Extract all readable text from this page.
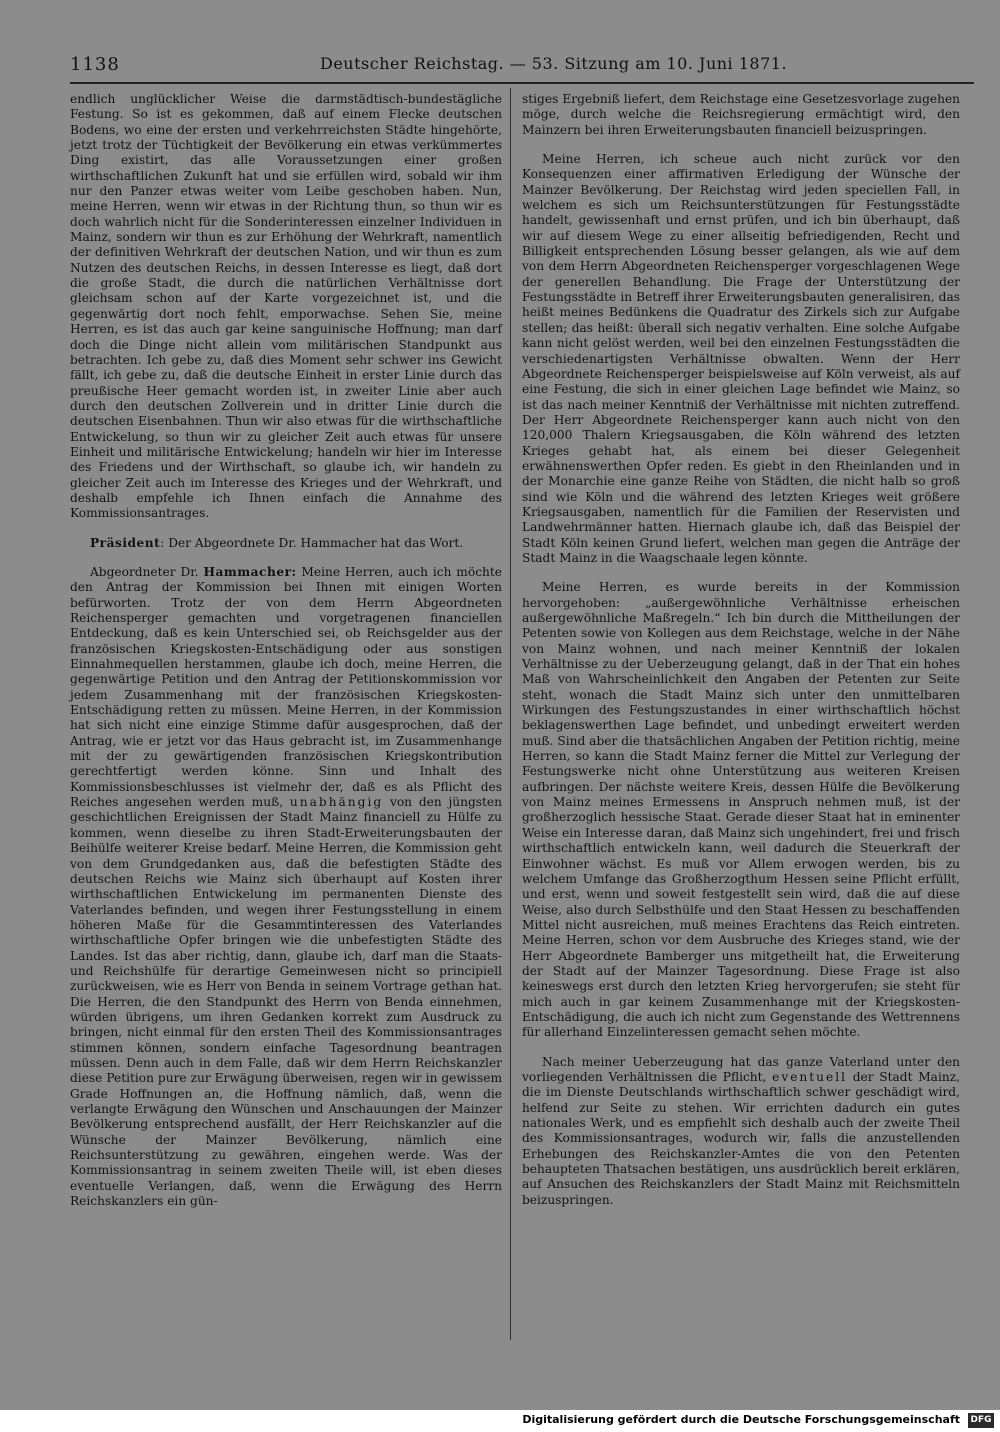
1138	Deutscher Reichstag. — 53. Sitzung am 10. Juni 1871.

endlich unglücklicher Weise die darmstädtisch-bundestägliche Festung. So ist es gekommen, daß auf einem Flecke deutschen Bodens, wo eine der ersten und verkehrreichsten Städte hingehörte, jetzt trotz der Tüchtigkeit der Bevölkerung ein etwas verkümmertes Ding existirt, das alle Voraussetzungen einer großen wirthschaftlichen Zukunft hat und sie erfüllen wird, sobald wir ihm nur den Panzer etwas weiter vom Leibe geschoben haben. Nun, meine Herren, wenn wir etwas in der Richtung thun, so thun wir es doch wahrlich nicht für die Sonderinteressen einzelner Individuen in Mainz, sondern wir thun es zur Erhöhung der Wehrkraft, namentlich der definitiven Wehrkraft der deutschen Nation, und wir thun es zum Nutzen des deutschen Reichs, in dessen Interesse es liegt, daß dort die große Stadt, die durch die natürlichen Verhältnisse dort gleichsam schon auf der Karte vorgezeichnet ist, und die gegenwärtig dort noch fehlt, emporwachse. Sehen Sie, meine Herren, es ist das auch gar keine sanguinische Hoffnung; man darf doch die Dinge nicht allein vom militärischen Standpunkt aus betrachten. Ich gebe zu, daß dies Moment sehr schwer ins Gewicht fällt, ich gebe zu, daß die deutsche Einheit in erster Linie durch das preußische Heer gemacht worden ist, in zweiter Linie aber auch durch den deutschen Zollverein und in dritter Linie durch die deutschen Eisenbahnen. Thun wir also etwas für die wirthschaftliche Entwickelung, so thun wir zu gleicher Zeit auch etwas für unsere Einheit und militärische Entwickelung; handeln wir hier im Interesse des Friedens und der Wirthschaft, so glaube ich, wir handeln zu gleicher Zeit auch im Interesse des Krieges und der Wehrkraft, und deshalb empfehle ich Ihnen einfach die Annahme des Kommissionsantrages.

Präsident: Der Abgeordnete Dr. Hammacher hat das Wort.

Abgeordneter Dr. Hammacher: Meine Herren, auch ich möchte den Antrag der Kommission bei Ihnen mit einigen Worten befürworten. Trotz der von dem Herrn Abgeordneten Reichensperger gemachten und vorgetragenen financiellen Entdeckung, daß es kein Unterschied sei, ob Reichsgelder aus der französischen Kriegskosten-Entschädigung oder aus sonstigen Einnahmequellen herstammen, glaube ich doch, meine Herren, die gegenwärtige Petition und den Antrag der Petitionskommission vor jedem Zusammenhang mit der französischen Kriegskosten-Entschädigung retten zu müssen. Meine Herren, in der Kommission hat sich nicht eine einzige Stimme dafür ausgesprochen, daß der Antrag, wie er jetzt vor das Haus gebracht ist, im Zusammenhange mit der zu gewärtigenden französischen Kriegskontribution gerechtfertigt werden könne. Sinn und Inhalt des Kommissionsbeschlusses ist vielmehr der, daß es als Pflicht des Reiches angesehen werden muß, unabhängig von den jüngsten geschichtlichen Ereignissen der Stadt Mainz financiell zu Hülfe zu kommen, wenn dieselbe zu ihren Stadt-Erweiterungsbauten der Beihülfe weiterer Kreise bedarf. Meine Herren, die Kommission geht von dem Grundgedanken aus, daß die befestigten Städte des deutschen Reichs wie Mainz sich überhaupt auf Kosten ihrer wirthschaftlichen Entwickelung im permanenten Dienste des Vaterlandes befinden, und wegen ihrer Festungsstellung in einem höheren Maße für die Gesammtinteressen des Vaterlandes wirthschaftliche Opfer bringen wie die unbefestigten Städte des Landes. Ist das aber richtig, dann, glaube ich, darf man die Staats- und Reichshülfe für derartige Gemeinwesen nicht so principiell zurückweisen, wie es Herr von Benda in seinem Vortrage gethan hat. Die Herren, die den Standpunkt des Herrn von Benda einnehmen, würden übrigens, um ihren Gedanken korrekt zum Ausdruck zu bringen, nicht einmal für den ersten Theil des Kommissionsantrages stimmen können, sondern einfache Tagesordnung beantragen müssen. Denn auch in dem Falle, daß wir dem Herrn Reichskanzler diese Petition pure zur Erwägung überweisen, regen wir in gewissem Grade Hoffnungen an, die Hoffnung nämlich, daß, wenn die verlangte Erwägung den Wünschen und Anschauungen der Mainzer Bevölkerung entsprechend ausfällt, der Herr Reichskanzler auf die Wünsche der Mainzer Bevölkerung, nämlich eine Reichsunterstützung zu gewähren, eingehen werde. Was der Kommissionsantrag in seinem zweiten Theile will, ist eben dieses eventuelle Verlangen, daß, wenn die Erwägung des Herrn Reichskanzlers ein gün-

stiges Ergebniß liefert, dem Reichstage eine Gesetzesvorlage zugehen möge, durch welche die Reichsregierung ermächtigt wird, den Mainzern bei ihren Erweiterungsbauten financiell beizuspringen.

Meine Herren, ich scheue auch nicht zurück vor den Konsequenzen einer affirmativen Erledigung der Wünsche der Mainzer Bevölkerung. Der Reichstag wird jeden speciellen Fall, in welchem es sich um Reichsunterstützungen für Festungsstädte handelt, gewissenhaft und ernst prüfen, und ich bin überhaupt, daß wir auf diesem Wege zu einer allseitig befriedigenden, Recht und Billigkeit entsprechenden Lösung besser gelangen, als wie auf dem von dem Herrn Abgeordneten Reichensperger vorgeschlagenen Wege der generellen Behandlung. Die Frage der Unterstützung der Festungsstädte in Betreff ihrer Erweiterungsbauten generalisiren, das heißt meines Bedünkens die Quadratur des Zirkels sich zur Aufgabe stellen; das heißt: überall sich negativ verhalten. Eine solche Aufgabe kann nicht gelöst werden, weil bei den einzelnen Festungsstädten die verschiedenartigsten Verhältnisse obwalten. Wenn der Herr Abgeordnete Reichensperger beispielsweise auf Köln verweist, als auf eine Festung, die sich in einer gleichen Lage befindet wie Mainz, so ist das nach meiner Kenntniß der Verhältnisse mit nichten zutreffend. Der Herr Abgeordnete Reichensperger kann auch nicht von den 120,000 Thalern Kriegsausgaben, die Köln während des letzten Krieges gehabt hat, als einem bei dieser Gelegenheit erwähnenswerthen Opfer reden. Es giebt in den Rheinlanden und in der Monarchie eine ganze Reihe von Städten, die nicht halb so groß sind wie Köln und die während des letzten Krieges weit größere Kriegsausgaben, namentlich für die Familien der Reservisten und Landwehrmänner hatten. Hiernach glaube ich, daß das Beispiel der Stadt Köln keinen Grund liefert, welchen man gegen die Anträge der Stadt Mainz in die Waagschaale legen könnte.

Meine Herren, es wurde bereits in der Kommission hervorgehoben: „außergewöhnliche Verhältnisse erheischen außergewöhnliche Maßregeln.“ Ich bin durch die Mittheilungen der Petenten sowie von Kollegen aus dem Reichstage, welche in der Nähe von Mainz wohnen, und nach meiner Kenntniß der lokalen Verhältnisse zu der Ueberzeugung gelangt, daß in der That ein hohes Maß von Wahrscheinlichkeit den Angaben der Petenten zur Seite steht, wonach die Stadt Mainz sich unter den unmittelbaren Wirkungen des Festungszustandes in einer wirthschaftlich höchst beklagenswerthen Lage befindet, und unbedingt erweitert werden muß. Sind aber die thatsächlichen Angaben der Petition richtig, meine Herren, so kann die Stadt Mainz ferner die Mittel zur Verlegung der Festungswerke nicht ohne Unterstützung aus weiteren Kreisen aufbringen. Der nächste weitere Kreis, dessen Hülfe die Bevölkerung von Mainz meines Ermessens in Anspruch nehmen muß, ist der großherzoglich hessische Staat. Gerade dieser Staat hat in eminenter Weise ein Interesse daran, daß Mainz sich ungehindert, frei und frisch wirthschaftlich entwickeln kann, weil dadurch die Steuerkraft der Einwohner wächst. Es muß vor Allem erwogen werden, bis zu welchem Umfange das Großherzogthum Hessen seine Pflicht erfüllt, und erst, wenn und soweit festgestellt sein wird, daß die auf diese Weise, also durch Selbsthülfe und den Staat Hessen zu beschaffenden Mittel nicht ausreichen, muß meines Erachtens das Reich eintreten. Meine Herren, schon vor dem Ausbruche des Krieges stand, wie der Herr Abgeordnete Bamberger uns mitgetheilt hat, die Erweiterung der Stadt auf der Mainzer Tagesordnung. Diese Frage ist also keineswegs erst durch den letzten Krieg hervorgerufen; sie steht für mich auch in gar keinem Zusammenhange mit der Kriegskosten-Entschädigung, die auch ich nicht zum Gegenstande des Wettrennens für allerhand Einzelinteressen gemacht sehen möchte.

Nach meiner Ueberzeugung hat das ganze Vaterland unter den vorliegenden Verhältnissen die Pflicht, eventuell der Stadt Mainz, die im Dienste Deutschlands wirthschaftlich schwer geschädigt wird, helfend zur Seite zu stehen. Wir errichten dadurch ein gutes nationales Werk, und es empfiehlt sich deshalb auch der zweite Theil des Kommissionsantrages, wodurch wir, falls die anzustellenden Erhebungen des Reichskanzler-Amtes die von den Petenten behaupteten Thatsachen bestätigen, uns ausdrücklich bereit erklären, auf Ansuchen des Reichskanzlers der Stadt Mainz mit Reichsmitteln beizuspringen.

Digitalisierung gefördert durch die Deutsche Forschungsgemeinschaft DFG
